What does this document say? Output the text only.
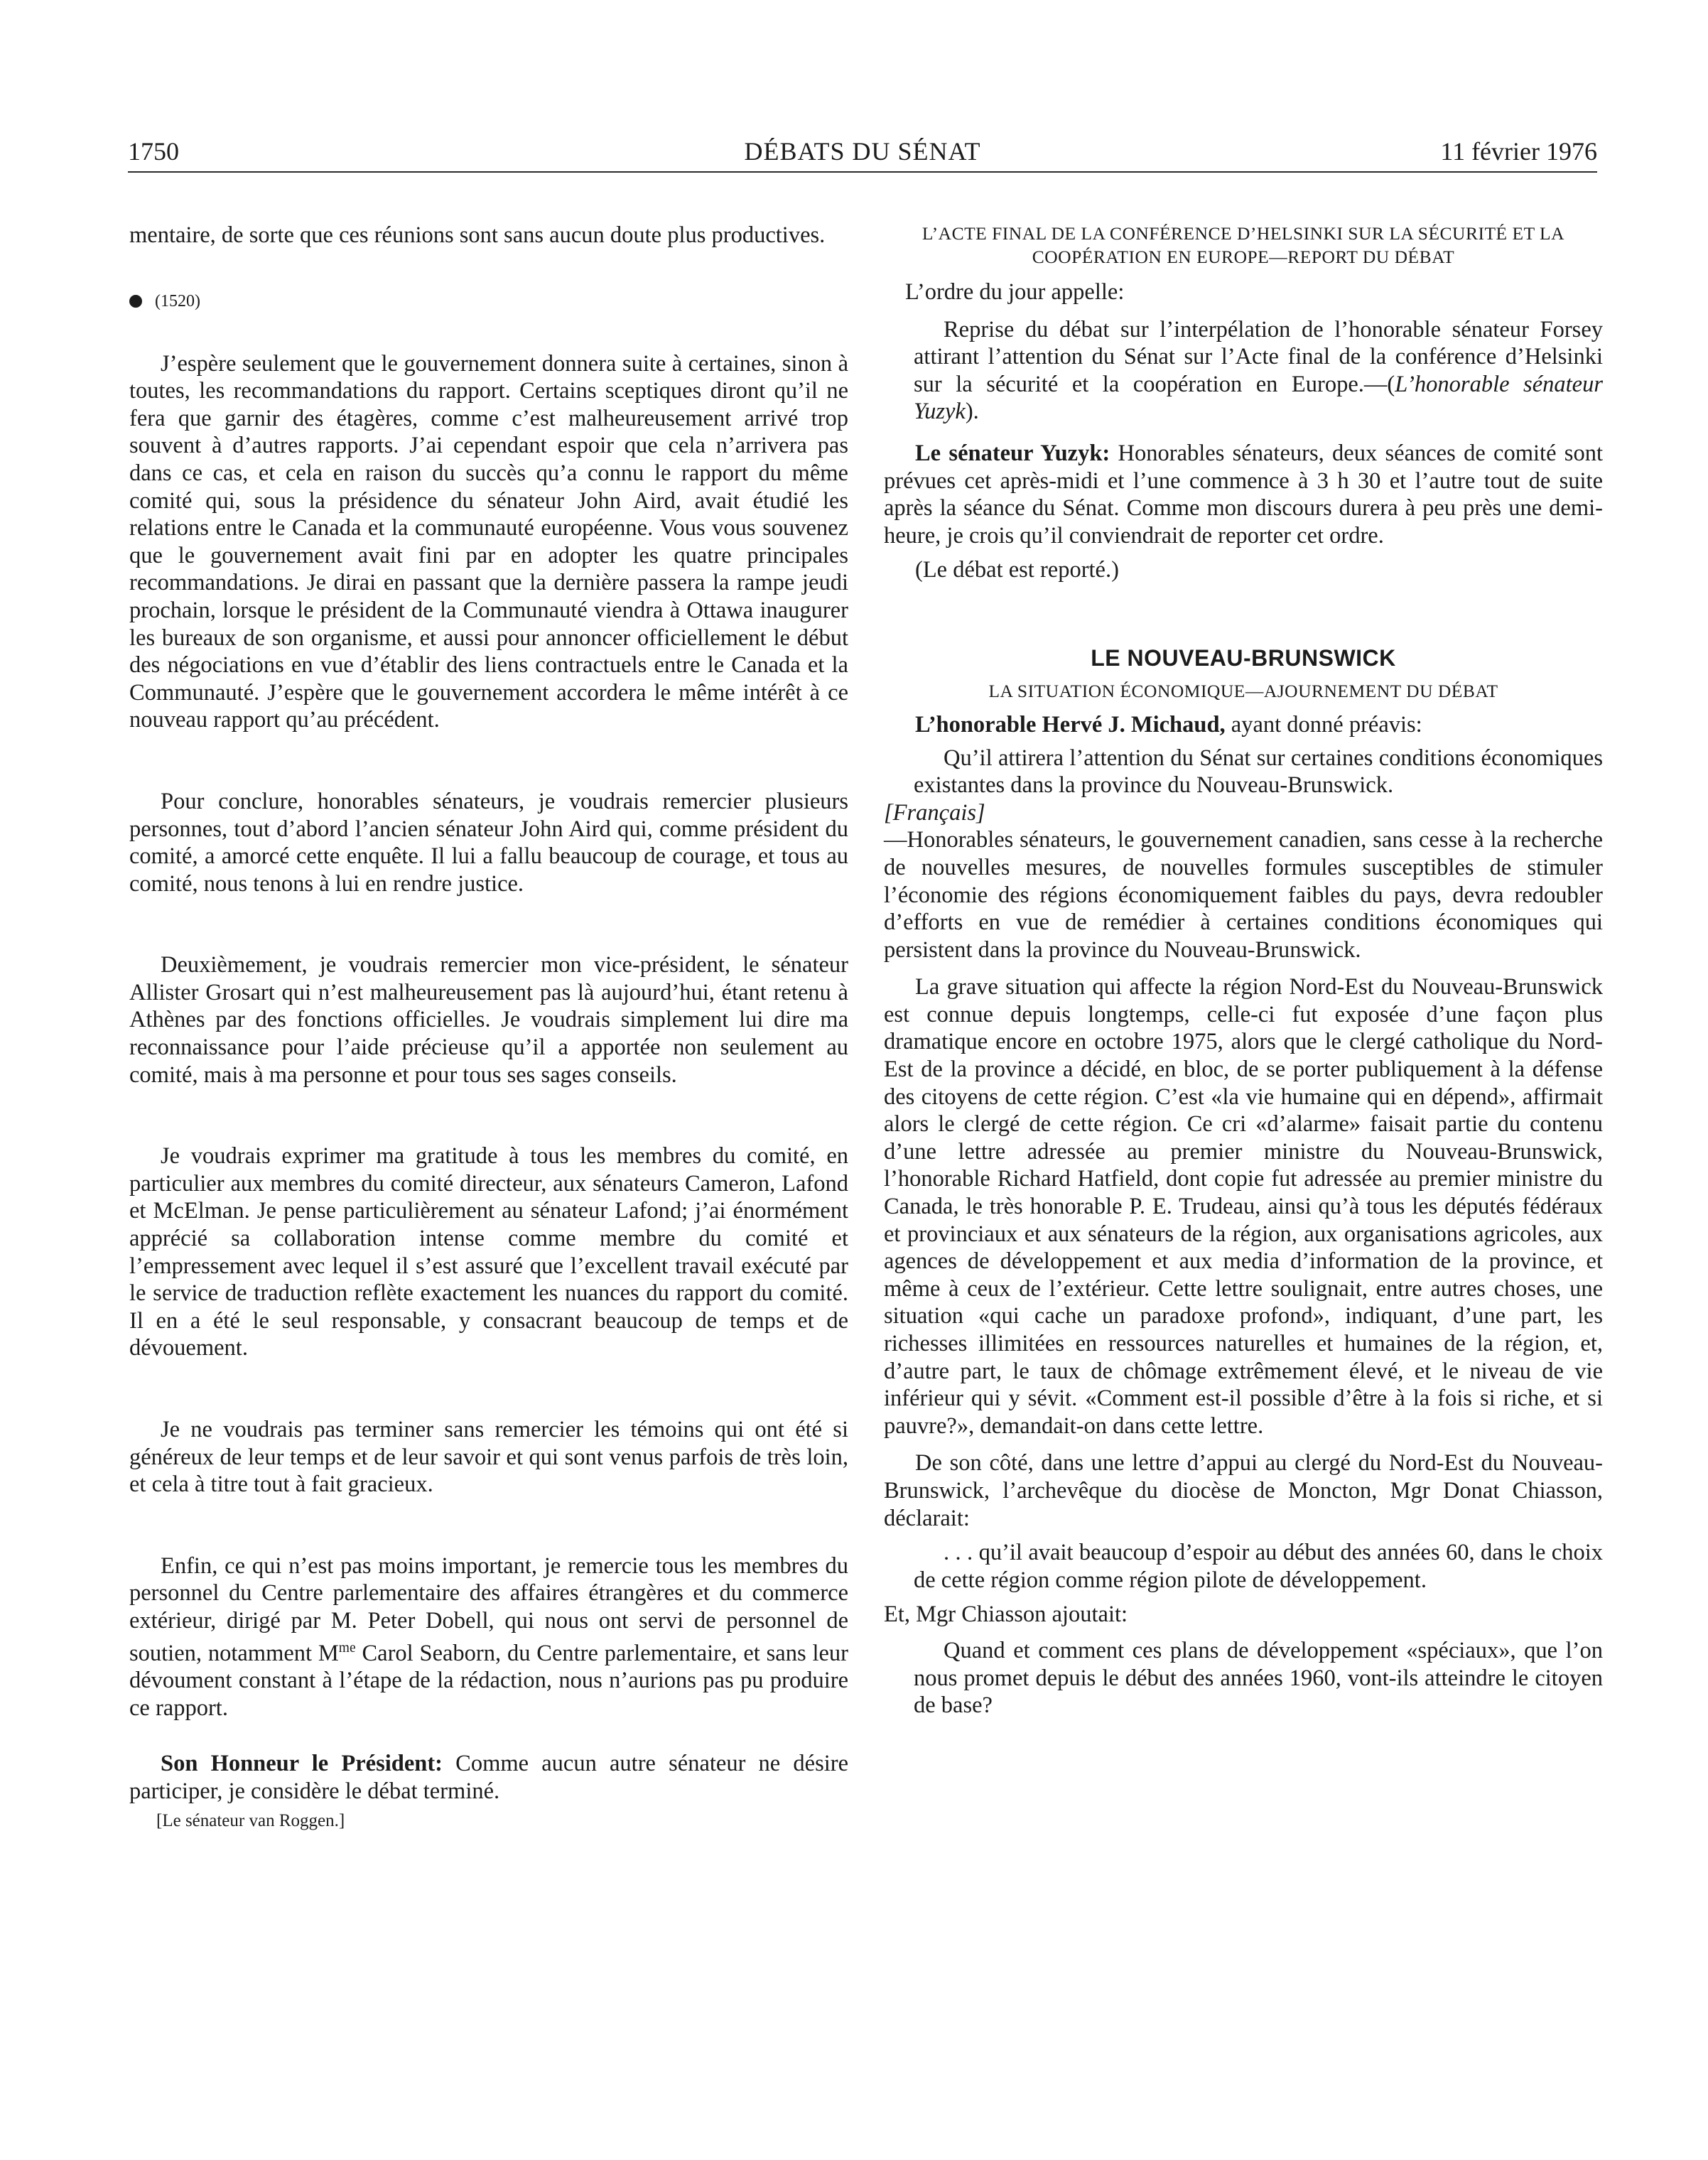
1750	DÉBATS DU SÉNAT	11 février 1976

mentaire, de sorte que ces réunions sont sans aucun doute plus productives.

(1520)

J’espère seulement que le gouvernement donnera suite à certaines, sinon à toutes, les recommandations du rapport. Certains sceptiques diront qu’il ne fera que garnir des étagères, comme c’est malheureusement arrivé trop souvent à d’autres rapports. J’ai cependant espoir que cela n’arrivera pas dans ce cas, et cela en raison du succès qu’a connu le rapport du même comité qui, sous la présidence du sénateur John Aird, avait étudié les relations entre le Canada et la communauté européenne. Vous vous souvenez que le gouvernement avait fini par en adopter les quatre principales recommandations. Je dirai en passant que la dernière passera la rampe jeudi prochain, lorsque le président de la Communauté viendra à Ottawa inaugurer les bureaux de son organisme, et aussi pour annoncer officiellement le début des négociations en vue d’établir des liens contractuels entre le Canada et la Communauté. J’espère que le gouvernement accordera le même intérêt à ce nouveau rapport qu’au précédent.

Pour conclure, honorables sénateurs, je voudrais remercier plusieurs personnes, tout d’abord l’ancien sénateur John Aird qui, comme président du comité, a amorcé cette enquête. Il lui a fallu beaucoup de courage, et tous au comité, nous tenons à lui en rendre justice.

Deuxièmement, je voudrais remercier mon vice-président, le sénateur Allister Grosart qui n’est malheureusement pas là aujourd’hui, étant retenu à Athènes par des fonctions officielles. Je voudrais simplement lui dire ma reconnaissance pour l’aide précieuse qu’il a apportée non seulement au comité, mais à ma personne et pour tous ses sages conseils.

Je voudrais exprimer ma gratitude à tous les membres du comité, en particulier aux membres du comité directeur, aux sénateurs Cameron, Lafond et McElman. Je pense particulièrement au sénateur Lafond; j’ai énormément apprécié sa collaboration intense comme membre du comité et l’empressement avec lequel il s’est assuré que l’excellent travail exécuté par le service de traduction reflète exactement les nuances du rapport du comité. Il en a été le seul responsable, y consacrant beaucoup de temps et de dévouement.

Je ne voudrais pas terminer sans remercier les témoins qui ont été si généreux de leur temps et de leur savoir et qui sont venus parfois de très loin, et cela à titre tout à fait gracieux.

Enfin, ce qui n’est pas moins important, je remercie tous les membres du personnel du Centre parlementaire des affaires étrangères et du commerce extérieur, dirigé par M. Peter Dobell, qui nous ont servi de personnel de soutien, notamment $M^{me}$ Carol Seaborn, du Centre parlementaire, et sans leur dévoument constant à l’étape de la rédaction, nous n’aurions pas pu produire ce rapport.

Son Honneur le Président: Comme aucun autre sénateur ne désire participer, je considère le débat terminé.

[Le sénateur van Roggen.]

L’ACTE FINAL DE LA CONFÉRENCE D’HELSINKI SUR LA SÉCURITÉ ET LA COOPÉRATION EN EUROPE—REPORT DU DÉBAT

L’ordre du jour appelle:

Reprise du débat sur l’interpélation de l’honorable sénateur Forsey attirant l’attention du Sénat sur l’Acte final de la conférence d’Helsinki sur la sécurité et la coopération en Europe.—(L’honorable sénateur Yuzyk).

Le sénateur Yuzyk: Honorables sénateurs, deux séances de comité sont prévues cet après-midi et l’une commence à 3 h 30 et l’autre tout de suite après la séance du Sénat. Comme mon discours durera à peu près une demi-heure, je crois qu’il conviendrait de reporter cet ordre.

(Le débat est reporté.)

LE NOUVEAU-BRUNSWICK

LA SITUATION ÉCONOMIQUE—AJOURNEMENT DU DÉBAT

L’honorable Hervé J. Michaud, ayant donné préavis:

Qu’il attirera l’attention du Sénat sur certaines conditions économiques existantes dans la province du Nouveau-Brunswick.

[Français]

—Honorables sénateurs, le gouvernement canadien, sans cesse à la recherche de nouvelles mesures, de nouvelles formules susceptibles de stimuler l’économie des régions économiquement faibles du pays, devra redoubler d’efforts en vue de remédier à certaines conditions économiques qui persistent dans la province du Nouveau-Brunswick.

La grave situation qui affecte la région Nord-Est du Nouveau-Brunswick est connue depuis longtemps, celle-ci fut exposée d’une façon plus dramatique encore en octobre 1975, alors que le clergé catholique du Nord-Est de la province a décidé, en bloc, de se porter publiquement à la défense des citoyens de cette région. C’est «la vie humaine qui en dépend», affirmait alors le clergé de cette région. Ce cri «d’alarme» faisait partie du contenu d’une lettre adressée au premier ministre du Nouveau-Brunswick, l’honorable Richard Hatfield, dont copie fut adressée au premier ministre du Canada, le très honorable P. E. Trudeau, ainsi qu’à tous les députés fédéraux et provinciaux et aux sénateurs de la région, aux organisations agricoles, aux agences de développement et aux media d’information de la province, et même à ceux de l’extérieur. Cette lettre soulignait, entre autres choses, une situation «qui cache un paradoxe profond», indiquant, d’une part, les richesses illimitées en ressources naturelles et humaines de la région, et, d’autre part, le taux de chômage extrêmement élevé, et le niveau de vie inférieur qui y sévit. «Comment est-il possible d’être à la fois si riche, et si pauvre?», demandait-on dans cette lettre.

De son côté, dans une lettre d’appui au clergé du Nord-Est du Nouveau-Brunswick, l’archevêque du diocèse de Moncton, Mgr Donat Chiasson, déclarait:

. . . qu’il avait beaucoup d’espoir au début des années 60, dans le choix de cette région comme région pilote de développement.

Et, Mgr Chiasson ajoutait:

Quand et comment ces plans de développement «spéciaux», que l’on nous promet depuis le début des années 1960, vont-ils atteindre le citoyen de base?
